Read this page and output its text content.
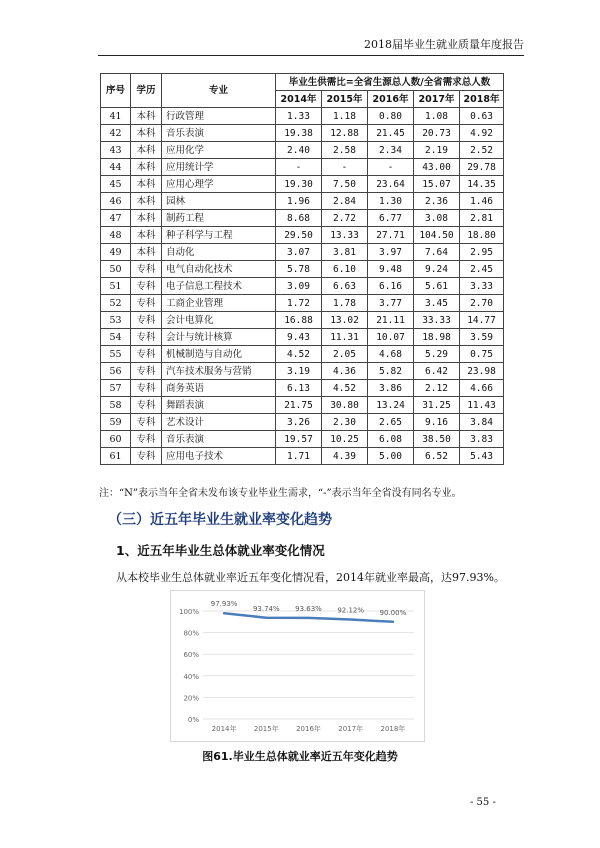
2018届毕业生就业质量年度报告
序号	学历	专业	毕业生供需比=全省生源总人数/全省需求总人数				
			2014年	2015年	2016年	2017年	2018年
41	本科	行政管理	1.33	1.18	0.80	1.08	0.63
42	本科	音乐表演	19.38	12.88	21.45	20.73	4.92
43	本科	应用化学	2.40	2.58	2.34	2.19	2.52
44	本科	应用统计学	-	-	-	43.00	29.78
45	本科	应用心理学	19.30	7.50	23.64	15.07	14.35
46	本科	园林	1.96	2.84	1.30	2.36	1.46
47	本科	制药工程	8.68	2.72	6.77	3.08	2.81
48	本科	种子科学与工程	29.50	13.33	27.71	104.50	18.80
49	本科	自动化	3.07	3.81	3.97	7.64	2.95
50	专科	电气自动化技术	5.78	6.10	9.48	9.24	2.45
51	专科	电子信息工程技术	3.09	6.63	6.16	5.61	3.33
52	专科	工商企业管理	1.72	1.78	3.77	3.45	2.70
53	专科	会计电算化	16.88	13.02	21.11	33.33	14.77
54	专科	会计与统计核算	9.43	11.31	10.07	18.98	3.59
55	专科	机械制造与自动化	4.52	2.05	4.68	5.29	0.75
56	专科	汽车技术服务与营销	3.19	4.36	5.82	6.42	23.98
57	专科	商务英语	6.13	4.52	3.86	2.12	4.66
58	专科	舞蹈表演	21.75	30.80	13.24	31.25	11.43
59	专科	艺术设计	3.26	2.30	2.65	9.16	3.84
60	专科	音乐表演	19.57	10.25	6.08	38.50	3.83
61	专科	应用电子技术	1.71	4.39	5.00	6.52	5.43
注：“N”表示当年全省未发布该专业毕业生需求，“-”表示当年全省没有同名专业。
（三）近五年毕业生就业率变化趋势
1、近五年毕业生总体就业率变化情况
从本校毕业生总体就业率近五年变化情况看，2014年就业率最高，达97.93%。
0%
20%
40%
60%
80%
100%
2014年 2015年 2016年 2017年 2018年
97.93%
93.74% 93.63% 92.12% 90.00%
图61.毕业生总体就业率近五年变化趋势
- 55 -
